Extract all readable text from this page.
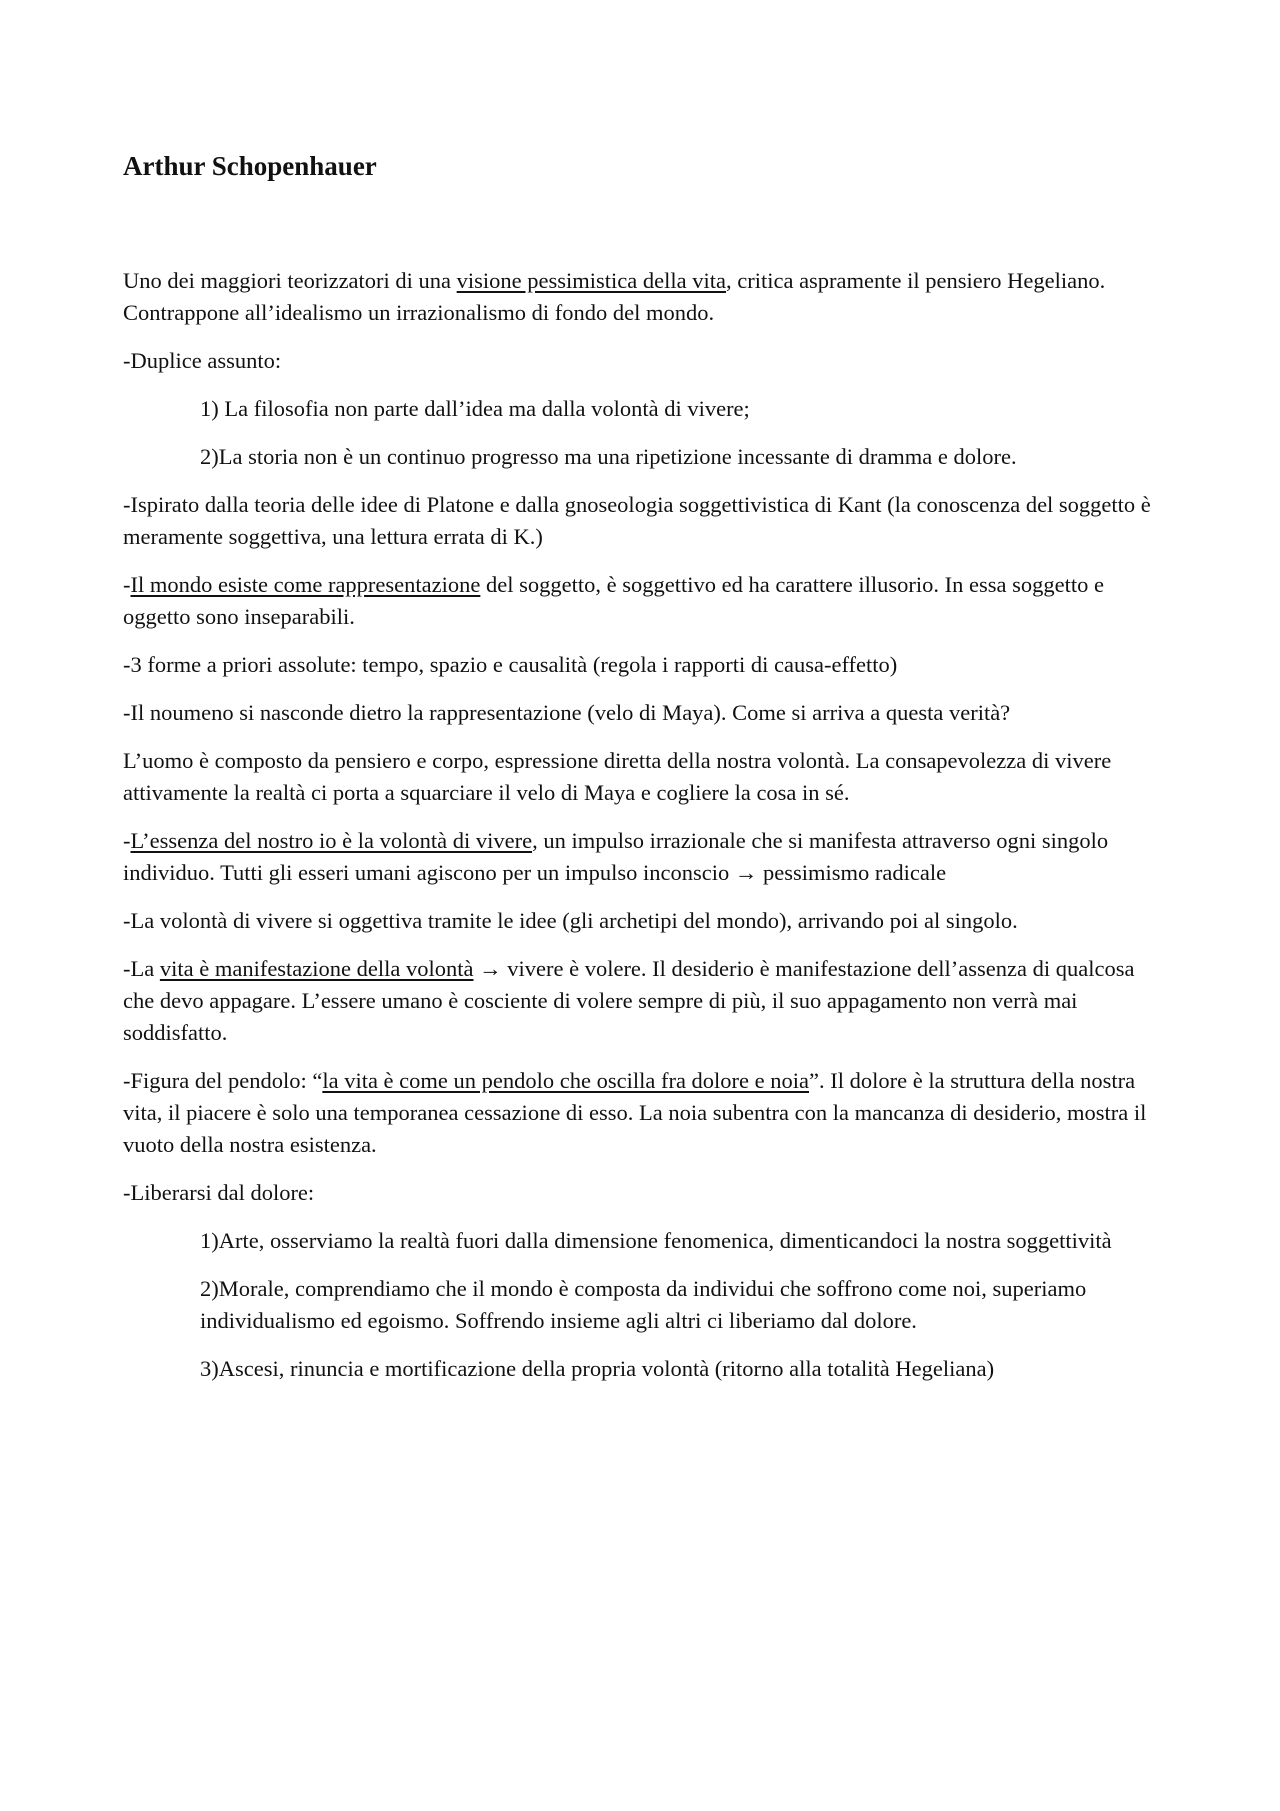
Arthur Schopenhauer

Uno dei maggiori teorizzatori di una visione pessimistica della vita, critica aspramente il pensiero Hegeliano. Contrappone all’idealismo un irrazionalismo di fondo del mondo.

-Duplice assunto:

1) La filosofia non parte dall’idea ma dalla volontà di vivere;

2)La storia non è un continuo progresso ma una ripetizione incessante di dramma e dolore.

-Ispirato dalla teoria delle idee di Platone e dalla gnoseologia soggettivistica di Kant (la conoscenza del soggetto è meramente soggettiva, una lettura errata di K.)

-Il mondo esiste come rappresentazione del soggetto, è soggettivo ed ha carattere illusorio. In essa soggetto e oggetto sono inseparabili.

-3 forme a priori assolute: tempo, spazio e causalità (regola i rapporti di causa-effetto)

-Il noumeno si nasconde dietro la rappresentazione (velo di Maya). Come si arriva a questa verità?

L’uomo è composto da pensiero e corpo, espressione diretta della nostra volontà. La consapevolezza di vivere attivamente la realtà ci porta a squarciare il velo di Maya e cogliere la cosa in sé.

-L’essenza del nostro io è la volontà di vivere, un impulso irrazionale che si manifesta attraverso ogni singolo individuo. Tutti gli esseri umani agiscono per un impulso inconscio → pessimismo radicale

-La volontà di vivere si oggettiva tramite le idee (gli archetipi del mondo), arrivando poi al singolo.

-La vita è manifestazione della volontà → vivere è volere. Il desiderio è manifestazione dell’assenza di qualcosa che devo appagare. L’essere umano è cosciente di volere sempre di più, il suo appagamento non verrà mai soddisfatto.

-Figura del pendolo: “la vita è come un pendolo che oscilla fra dolore e noia”. Il dolore è la struttura della nostra vita, il piacere è solo una temporanea cessazione di esso. La noia subentra con la mancanza di desiderio, mostra il vuoto della nostra esistenza.

-Liberarsi dal dolore:

1)Arte, osserviamo la realtà fuori dalla dimensione fenomenica, dimenticandoci la nostra soggettività

2)Morale, comprendiamo che il mondo è composta da individui che soffrono come noi, superiamo individualismo ed egoismo. Soffrendo insieme agli altri ci liberiamo dal dolore.

3)Ascesi, rinuncia e mortificazione della propria volontà (ritorno alla totalità Hegeliana)
